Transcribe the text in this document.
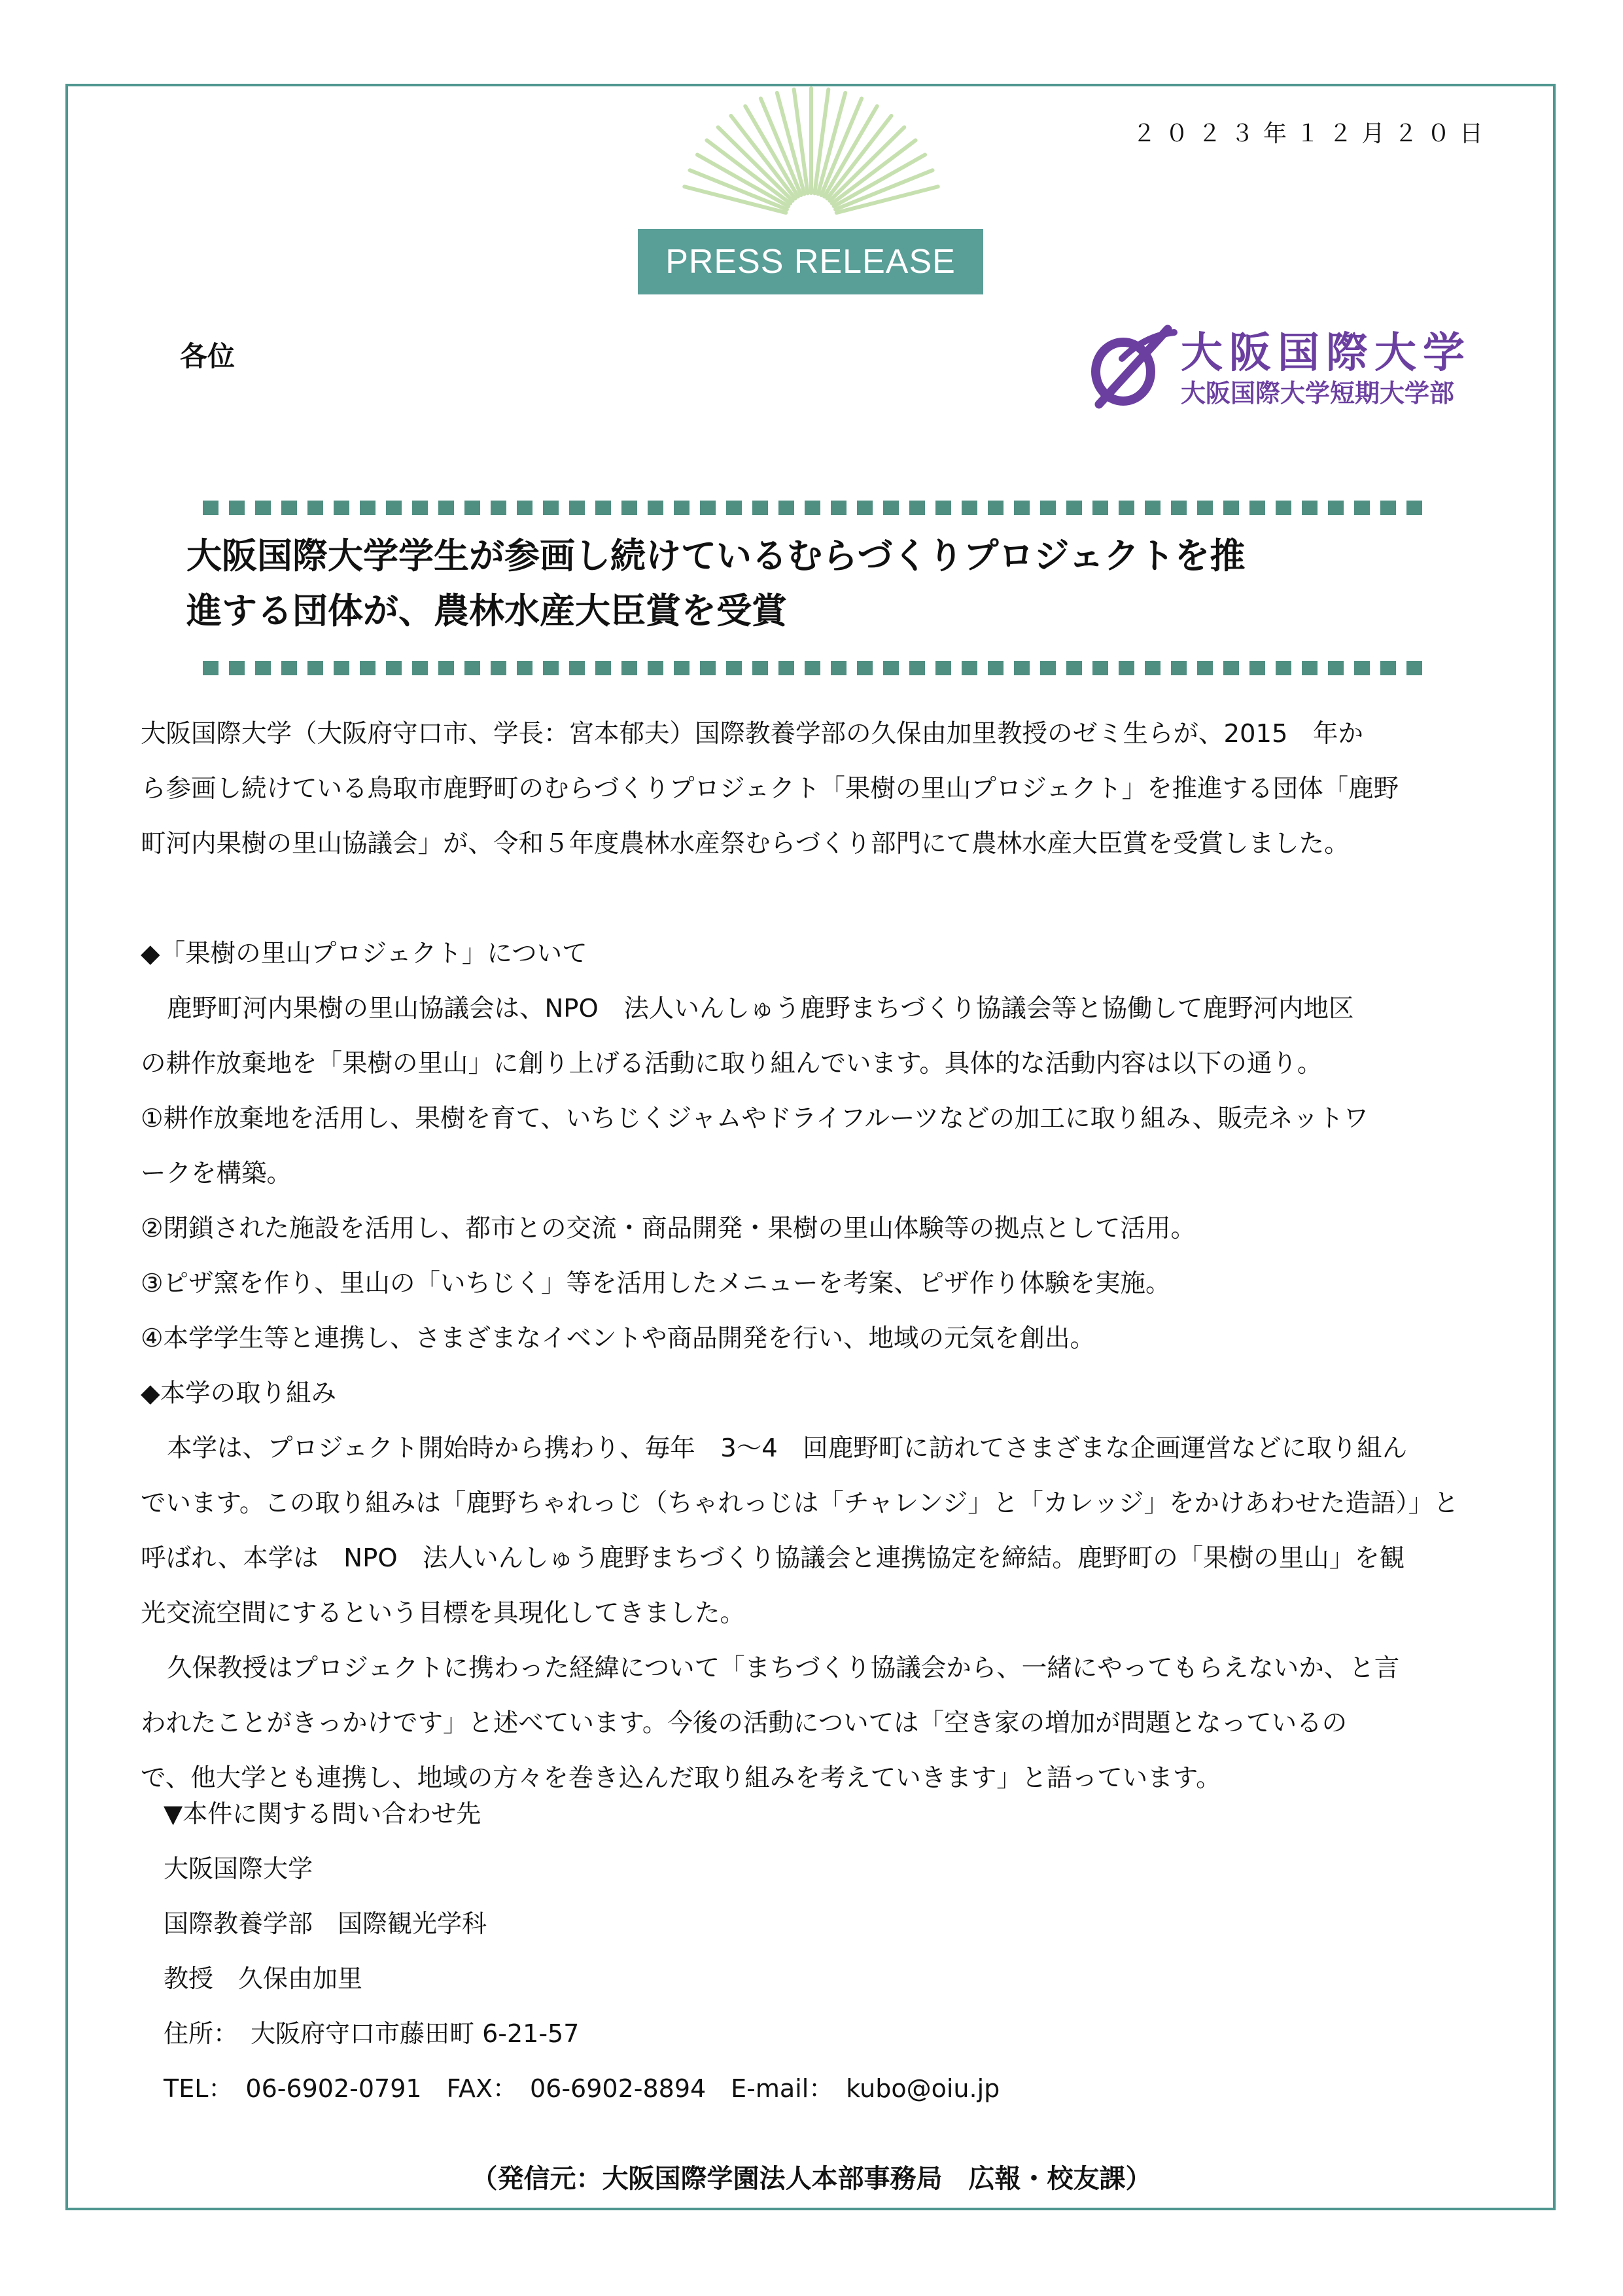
２０２３年１２月２０日
PRESS RELEASE
各位	大阪国際大学
大阪国際大学短期大学部
大阪国際大学学生が参画し続けているむらづくりプロジェクトを推
進する団体が、農林水産大臣賞を受賞

大阪国際大学（大阪府守口市、学長：宮本郁夫）国際教養学部の久保由加里教授のゼミ生らが、2015　年か

ら参画し続けている鳥取市鹿野町のむらづくりプロジェクト「果樹の里山プロジェクト」を推進する団体「鹿野

町河内果樹の里山協議会」が、令和５年度農林水産祭むらづくり部門にて農林水産大臣賞を受賞しました。

◆「果樹の里山プロジェクト」について

鹿野町河内果樹の里山協議会は、NPO　法人いんしゅう鹿野まちづくり協議会等と協働して鹿野河内地区

の耕作放棄地を「果樹の里山」に創り上げる活動に取り組んでいます。具体的な活動内容は以下の通り。

①耕作放棄地を活用し、果樹を育て、いちじくジャムやドライフルーツなどの加工に取り組み、販売ネットワ

ークを構築。

②閉鎖された施設を活用し、都市との交流・商品開発・果樹の里山体験等の拠点として活用。

③ピザ窯を作り、里山の「いちじく」等を活用したメニューを考案、ピザ作り体験を実施。

④本学学生等と連携し、さまざまなイベントや商品開発を行い、地域の元気を創出。

◆本学の取り組み

本学は、プロジェクト開始時から携わり、毎年　3～4　回鹿野町に訪れてさまざまな企画運営などに取り組ん

でいます。この取り組みは「鹿野ちゃれっじ（ちゃれっじは「チャレンジ」と「カレッジ」をかけあわせた造語）」と

呼ばれ、本学は　NPO　法人いんしゅう鹿野まちづくり協議会と連携協定を締結。鹿野町の「果樹の里山」を観

光交流空間にするという目標を具現化してきました。

久保教授はプロジェクトに携わった経緯について「まちづくり協議会から、一緒にやってもらえないか、と言

われたことがきっかけです」と述べています。今後の活動については「空き家の増加が問題となっているの

で、他大学とも連携し、地域の方々を巻き込んだ取り組みを考えていきます」と語っています。

▼本件に関する問い合わせ先

大阪国際大学

国際教養学部　国際観光学科

教授　久保由加里

住所：　大阪府守口市藤田町 6-21-57

TEL：　06-6902-0791　FAX：　06-6902-8894　E-mail：　kubo@oiu.jp

（発信元：大阪国際学園法人本部事務局　広報・校友課）
